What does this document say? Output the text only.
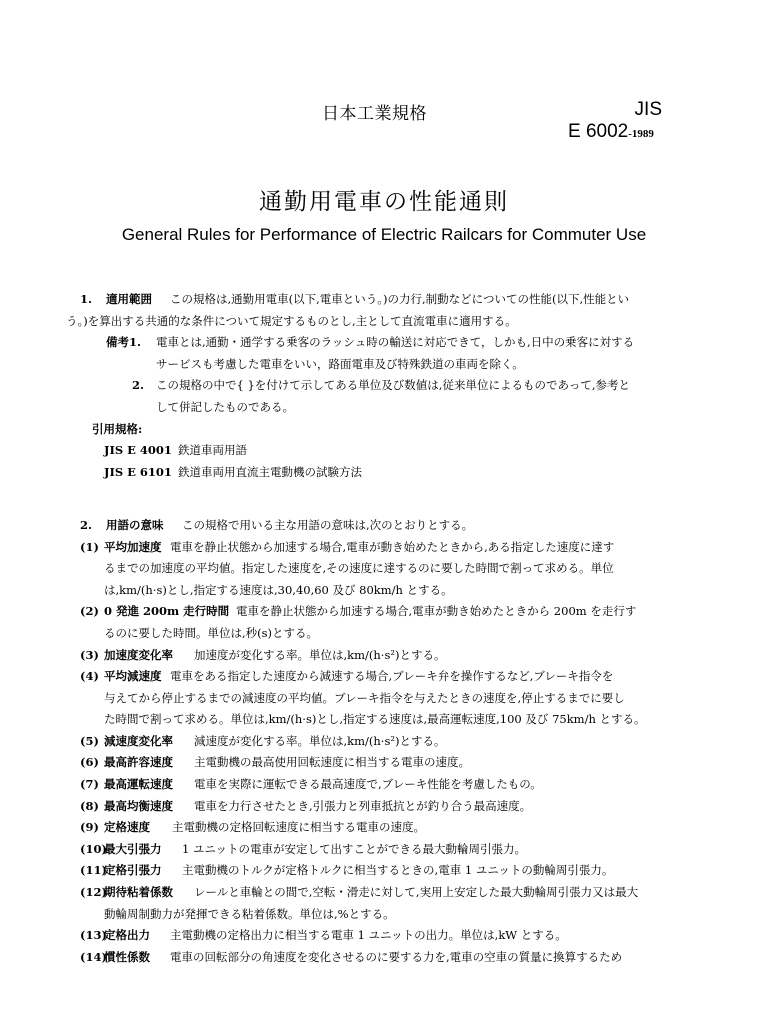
日本工業規格	JIS
E 6002-1989
通勤用電車の性能通則
General Rules for Performance of Electric Railcars for Commuter Use
1. 適用範囲 この規格は,通勤用電車(以下,電車という。)の力行,制動などについての性能(以下,性能とい
う。)を算出する共通的な条件について規定するものとし,主として直流電車に適用する。
備考1. 電車とは,通勤・通学する乗客のラッシュ時の輸送に対応できて，しかも,日中の乗客に対する
サービスも考慮した電車をいい，路面電車及び特殊鉄道の車両を除く。
2. この規格の中で{ }を付けて示してある単位及び数値は,従来単位によるものであって,参考と
して併記したものである。
引用規格:
JIS E 4001 鉄道車両用語
JIS E 6101 鉄道車両用直流主電動機の試験方法
2. 用語の意味 この規格で用いる主な用語の意味は,次のとおりとする。
(1) 平均加速度 電車を静止状態から加速する場合,電車が動き始めたときから,ある指定した速度に達す
るまでの加速度の平均値。指定した速度を,その速度に達するのに要した時間で割って求める。単位
は,km/(h·s)とし,指定する速度は,30,40,60 及び 80km/h とする。
(2) 0 発進 200m 走行時間 電車を静止状態から加速する場合,電車が動き始めたときから 200m を走行す
るのに要した時間。単位は,秒(s)とする。
(3) 加速度変化率 加速度が変化する率。単位は,km/(h·s²)とする。
(4) 平均減速度 電車をある指定した速度から減速する場合,ブレーキ弁を操作するなど,ブレーキ指令を
与えてから停止するまでの減速度の平均値。ブレーキ指令を与えたときの速度を,停止するまでに要し
た時間で割って求める。単位は,km/(h·s)とし,指定する速度は,最高運転速度,100 及び 75km/h とする。
(5) 減速度変化率 減速度が変化する率。単位は,km/(h·s²)とする。
(6) 最高許容速度 主電動機の最高使用回転速度に相当する電車の速度。
(7) 最高運転速度 電車を実際に運転できる最高速度で,ブレーキ性能を考慮したもの。
(8) 最高均衡速度 電車を力行させたとき,引張力と列車抵抗とが釣り合う最高速度。
(9) 定格速度 主電動機の定格回転速度に相当する電車の速度。
(10)
最大引張力 1 ユニットの電車が安定して出すことができる最大動輪周引張力。
(11)
定格引張力 主電動機のトルクが定格トルクに相当するときの,電車 1 ユニットの動輪周引張力。
(12)
期待粘着係数 レールと車輪との間で,空転・滑走に対して,実用上安定した最大動輪周引張力又は最大
動輪周制動力が発揮できる粘着係数。単位は,%とする。
(13)
定格出力 主電動機の定格出力に相当する電車 1 ユニットの出力。単位は,kW とする。
(14)
慣性係数 電車の回転部分の角速度を変化させるのに要する力を,電車の空車の質量に換算するため
